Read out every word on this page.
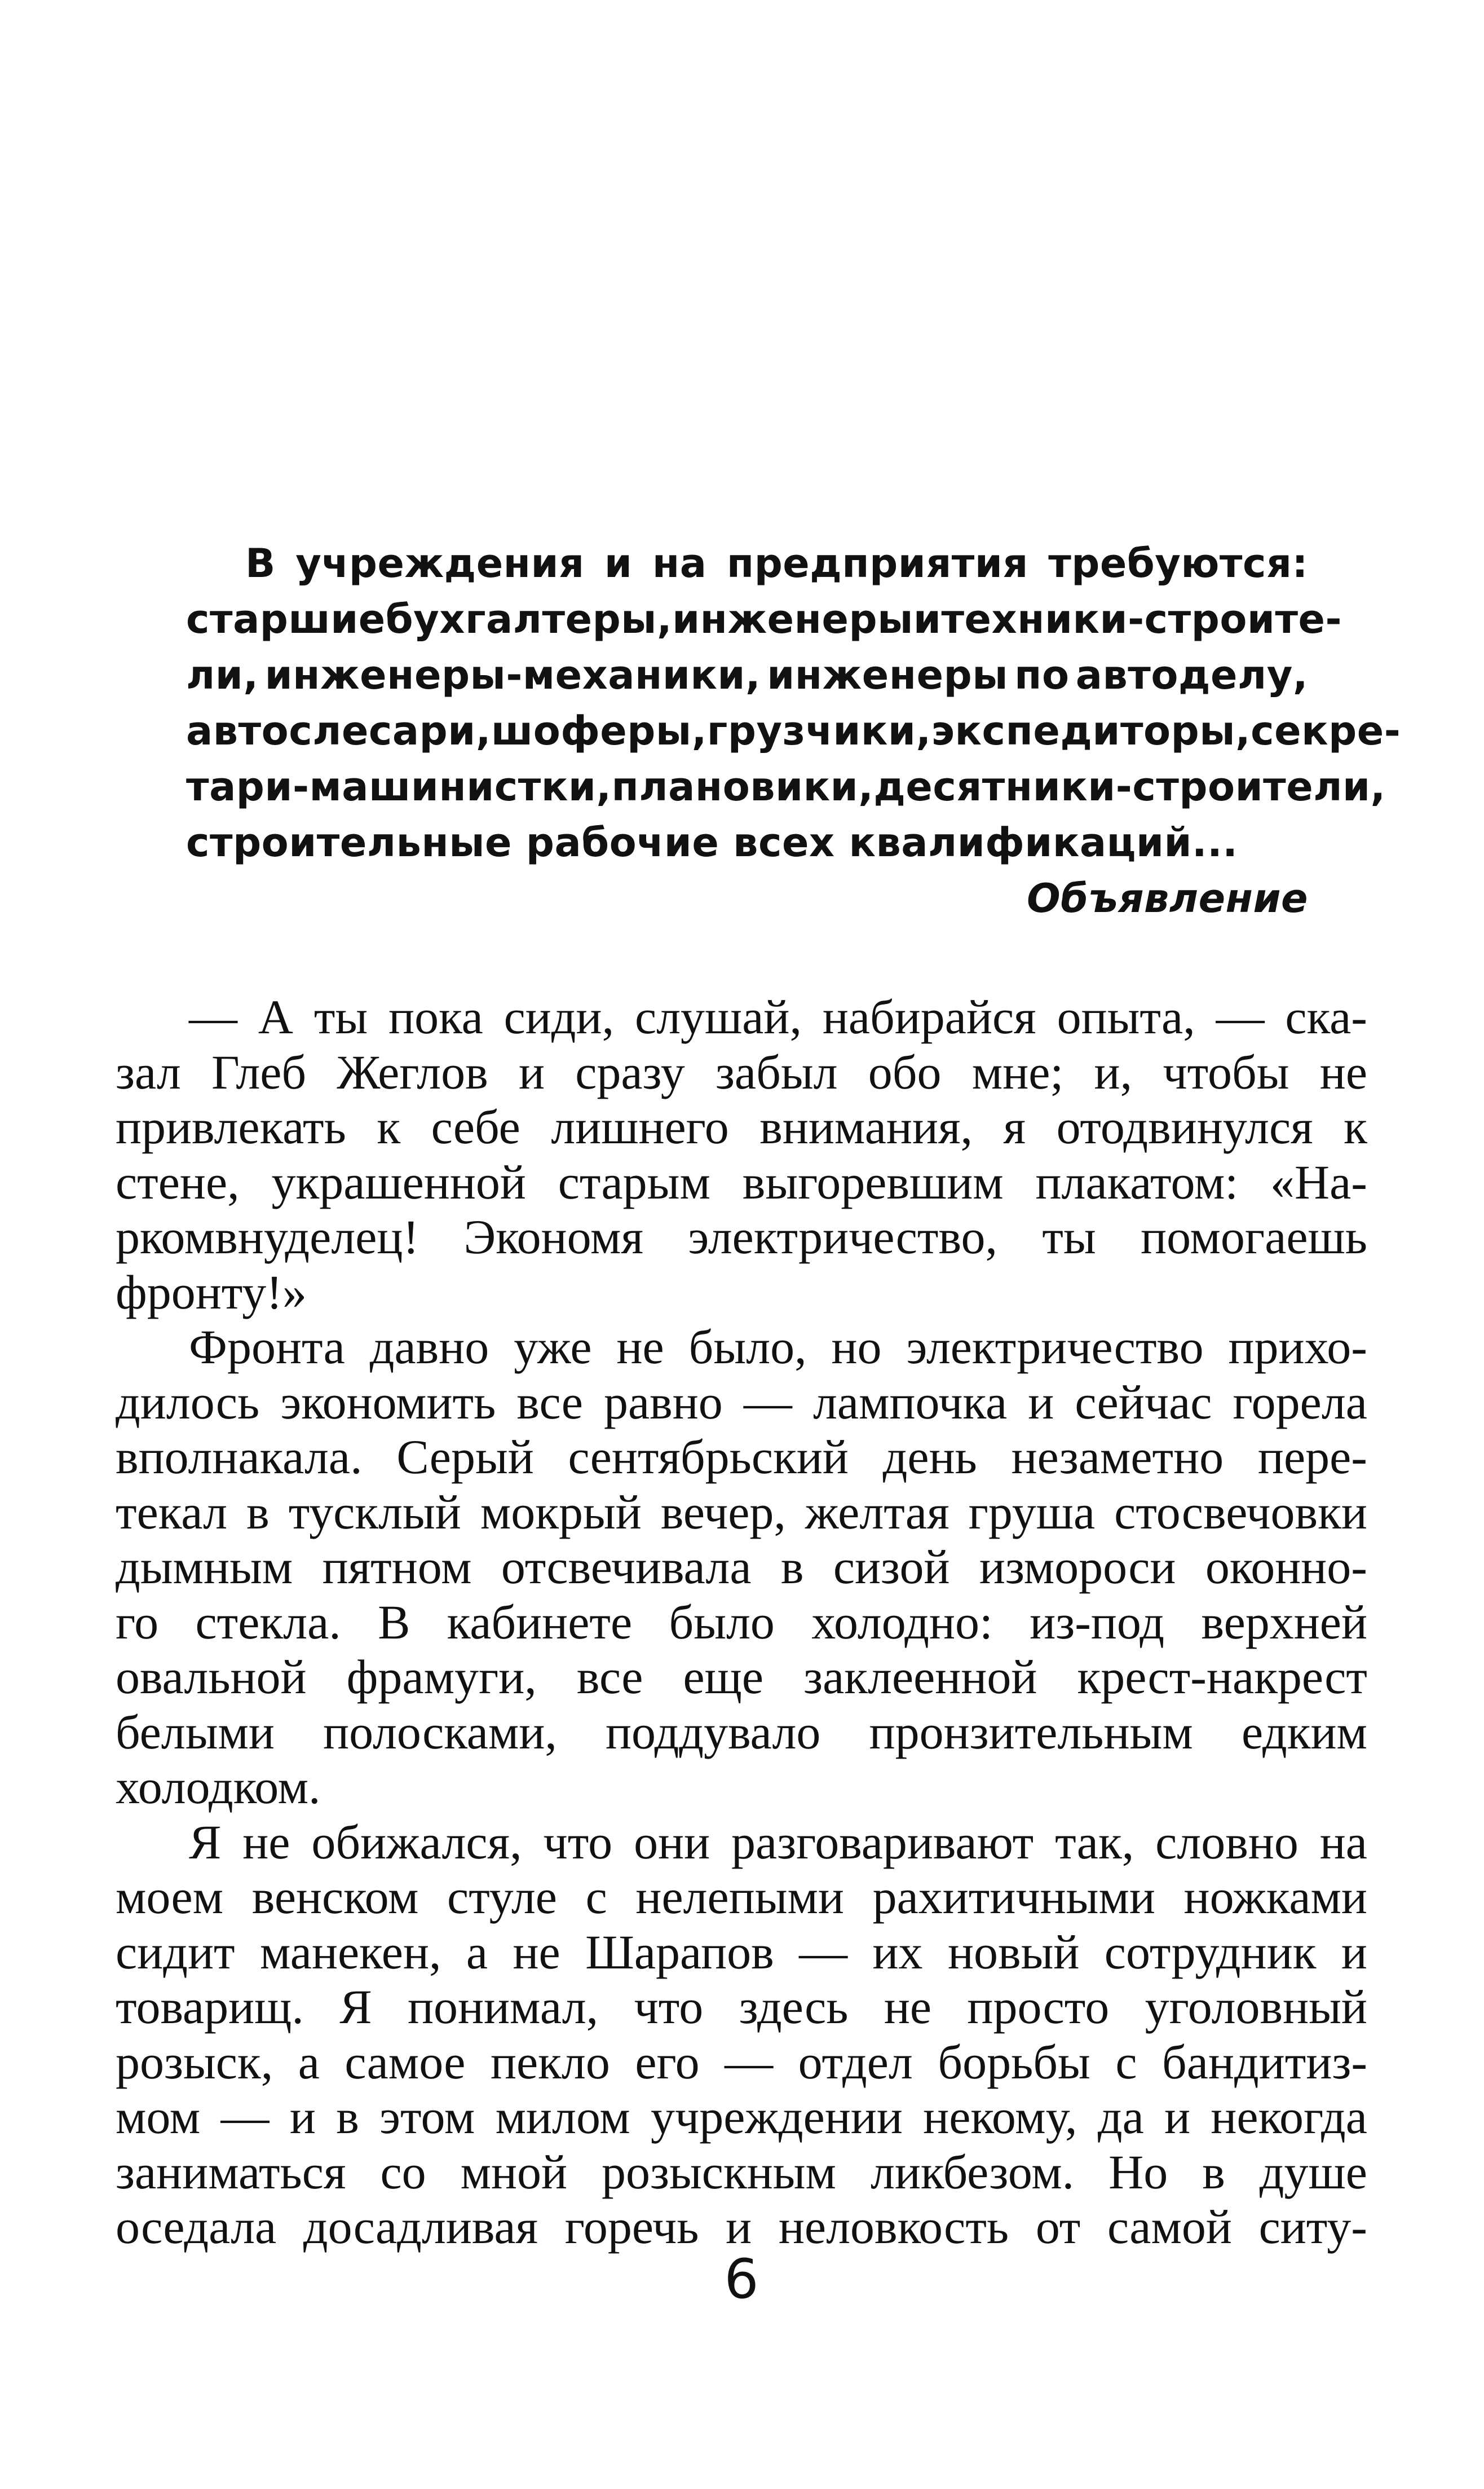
В учреждения и на предприятия требуются:
старшие бухгалтеры, инженеры и техники-строите-
ли, инженеры-механики, инженеры по автоделу,
автослесари, шоферы, грузчики, экспедиторы, секре-
тари-машинистки, плановики, десятники-строители,
строительные рабочие всех квалификаций...
Объявление
— А ты пока сиди, слушай, набирайся опыта, — ска-
зал Глеб Жеглов и сразу забыл обо мне; и, чтобы не
привлекать к себе лишнего внимания, я отодвинулся к
стене, украшенной старым выгоревшим плакатом: «На-
ркомвнуделец! Экономя электричество, ты помогаешь
фронту!»
Фронта давно уже не было, но электричество прихо-
дилось экономить все равно — лампочка и сейчас горела
вполнакала. Серый сентябрьский день незаметно пере-
текал в тусклый мокрый вечер, желтая груша стосвечовки
дымным пятном отсвечивала в сизой измороси оконно-
го стекла. В кабинете было холодно: из-под верхней
овальной фрамуги, все еще заклеенной крест-накрест
белыми полосками, поддувало пронзительным едким
холодком.
Я не обижался, что они разговаривают так, словно на
моем венском стуле с нелепыми рахитичными ножками
сидит манекен, а не Шарапов — их новый сотрудник и
товарищ. Я понимал, что здесь не просто уголовный
розыск, а самое пекло его — отдел борьбы с бандитиз-
мом — и в этом милом учреждении некому, да и некогда
заниматься со мной розыскным ликбезом. Но в душе
оседала досадливая горечь и неловкость от самой ситу-
6
